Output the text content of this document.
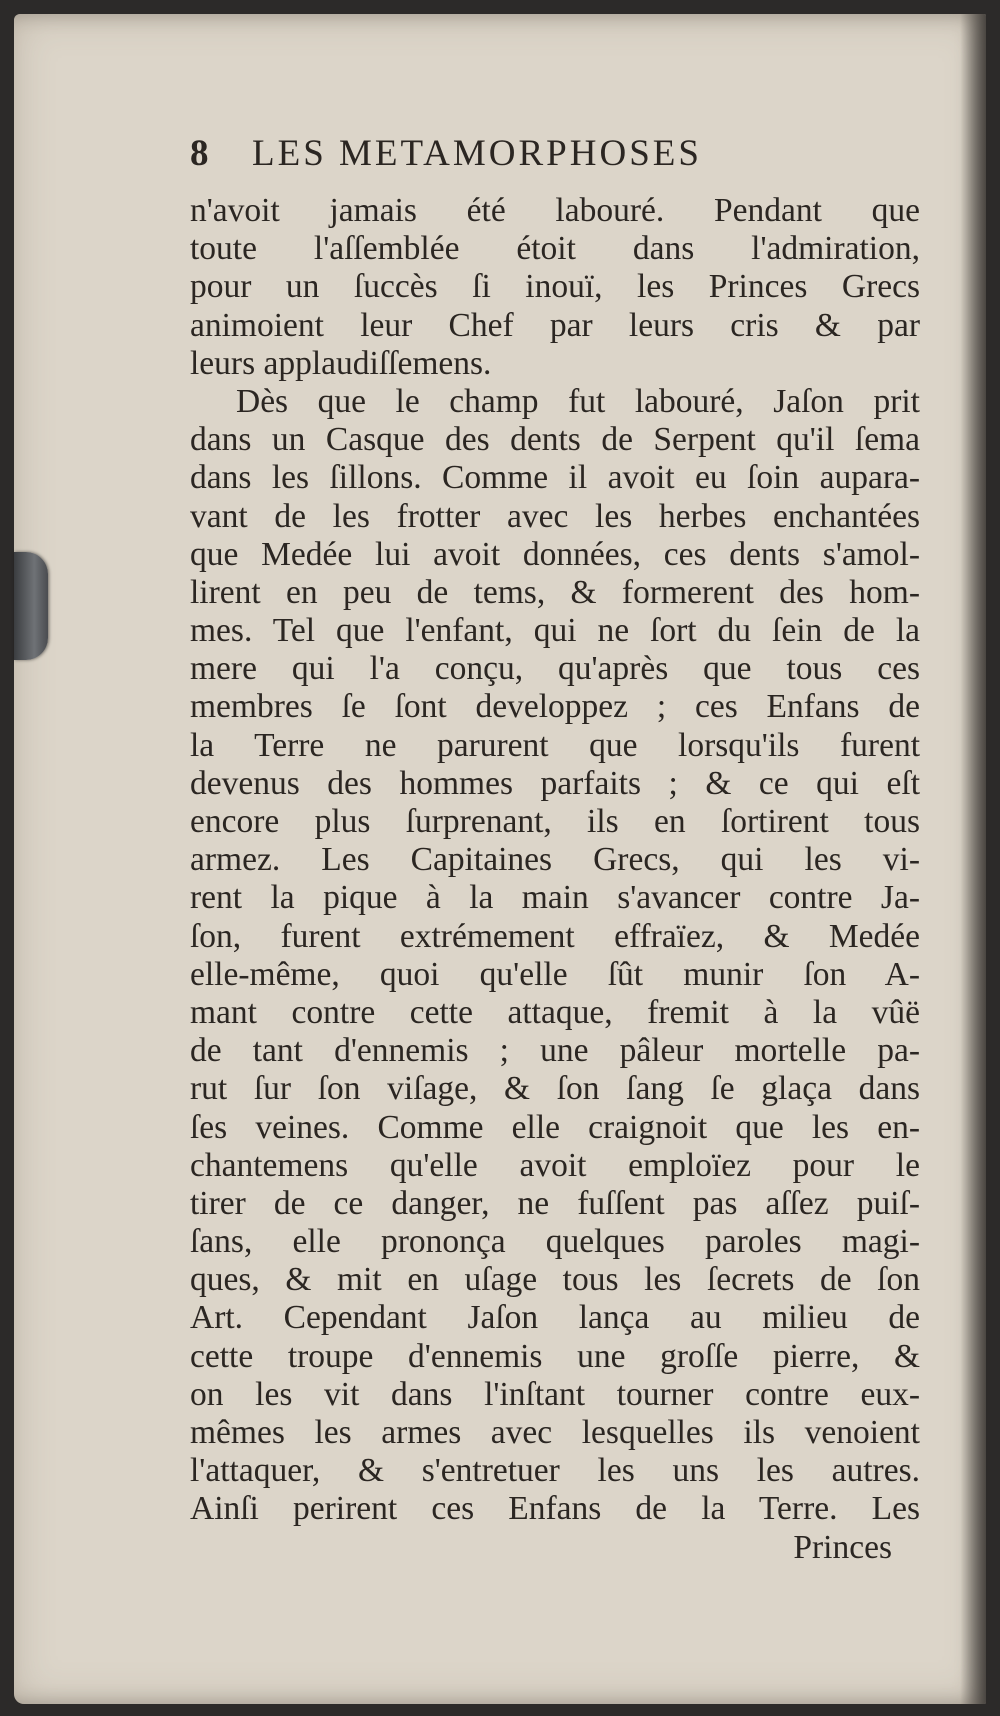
8	LES METAMORPHOSES
n'avoit jamais été labouré. Pendant que
toute l'aſſemblée étoit dans l'admiration,
pour un ſuccès ſi inouï, les Princes Grecs
animoient leur Chef par leurs cris & par
leurs applaudiſſemens.
Dès que le champ fut labouré, Jaſon prit
dans un Casque des dents de Serpent qu'il ſema
dans les ſillons. Comme il avoit eu ſoin aupara-
vant de les frotter avec les herbes enchantées
que Medée lui avoit données, ces dents s'amol-
lirent en peu de tems, & formerent des hom-
mes. Tel que l'enfant, qui ne ſort du ſein de la
mere qui l'a conçu, qu'après que tous ces
membres ſe ſont developpez ; ces Enfans de
la Terre ne parurent que lorsqu'ils furent
devenus des hommes parfaits ; & ce qui eſt
encore plus ſurprenant, ils en ſortirent tous
armez. Les Capitaines Grecs, qui les vi-
rent la pique à la main s'avancer contre Ja-
ſon, furent extrémement effraïez, & Medée
elle-même, quoi qu'elle ſût munir ſon A-
mant contre cette attaque, fremit à la vûë
de tant d'ennemis ; une pâleur mortelle pa-
rut ſur ſon viſage, & ſon ſang ſe glaça dans
ſes veines. Comme elle craignoit que les en-
chantemens qu'elle avoit emploïez pour le
tirer de ce danger, ne fuſſent pas aſſez puiſ-
ſans, elle prononça quelques paroles magi-
ques, & mit en uſage tous les ſecrets de ſon
Art. Cependant Jaſon lança au milieu de
cette troupe d'ennemis une groſſe pierre, &
on les vit dans l'inſtant tourner contre eux-
mêmes les armes avec lesquelles ils venoient
l'attaquer, & s'entretuer les uns les autres.
Ainſi perirent ces Enfans de la Terre. Les
Princes
